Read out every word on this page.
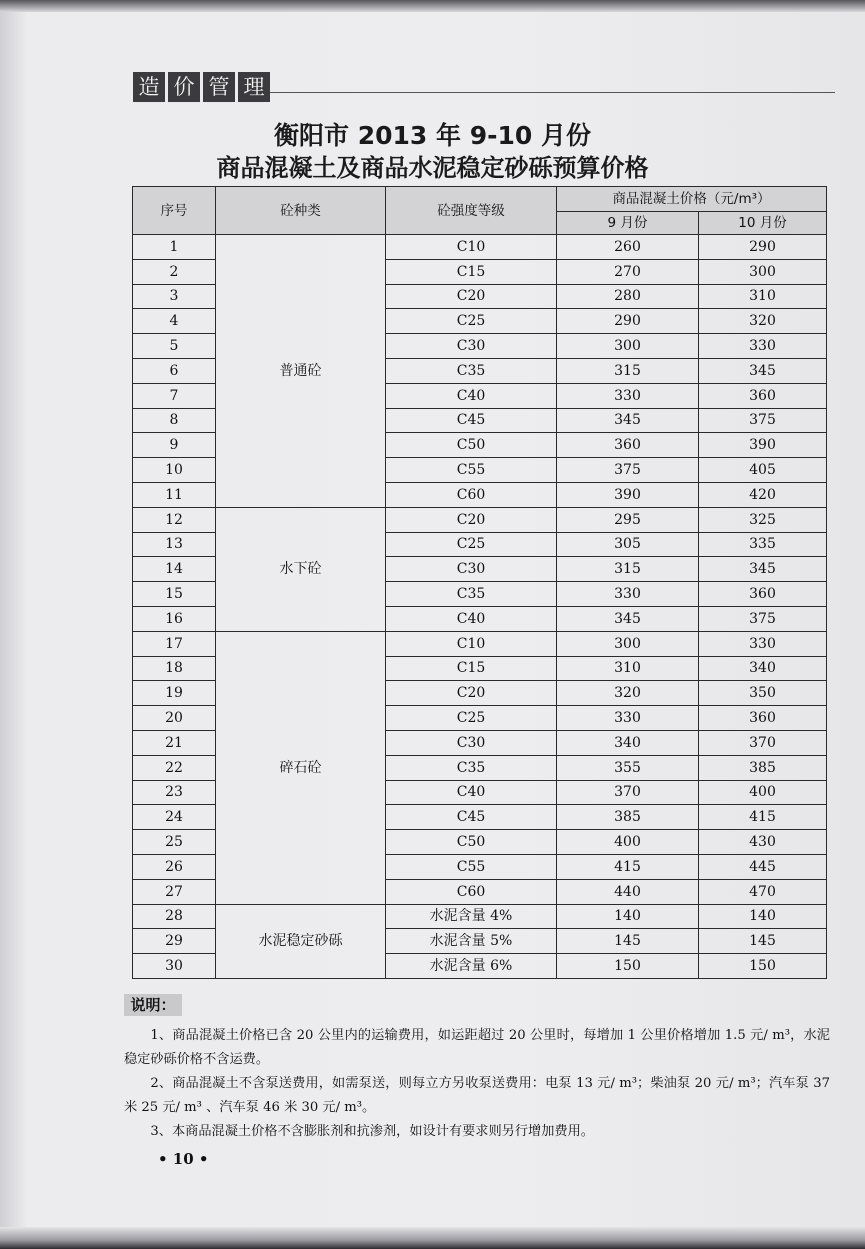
造 价 管 理
衡阳市 2013 年 9-10 月份
商品混凝土及商品水泥稳定砂砾预算价格
序号	砼种类	砼强度等级	商品混凝土价格（元/m³）	
			9 月份	10 月份
1	普通砼	C10	260	290
2		C15	270	300
3		C20	280	310
4		C25	290	320
5		C30	300	330
6		C35	315	345
7		C40	330	360
8		C45	345	375
9		C50	360	390
10		C55	375	405
11		C60	390	420
12	水下砼	C20	295	325
13		C25	305	335
14		C30	315	345
15		C35	330	360
16		C40	345	375
17	碎石砼	C10	300	330
18		C15	310	340
19		C20	320	350
20		C25	330	360
21		C30	340	370
22		C35	355	385
23		C40	370	400
24		C45	385	415
25		C50	400	430
26		C55	415	445
27		C60	440	470
28	水泥稳定砂砾	水泥含量 4%	140	140
29		水泥含量 5%	145	145
30		水泥含量 6%	150	150
说明：

1、商品混凝土价格已含 20 公里内的运输费用，如运距超过 20 公里时，每增加 1 公里价格增加 1.5 元/ m³，水泥稳定砂砾价格不含运费。

2、商品混凝土不含泵送费用，如需泵送，则每立方另收泵送费用：电泵 13 元/ m³；柴油泵 20 元/ m³；汽车泵 37 米 25 元/ m³ 、汽车泵 46 米 30 元/ m³。

3、本商品混凝土价格不含膨胀剂和抗渗剂，如设计有要求则另行增加费用。

• 10 •
